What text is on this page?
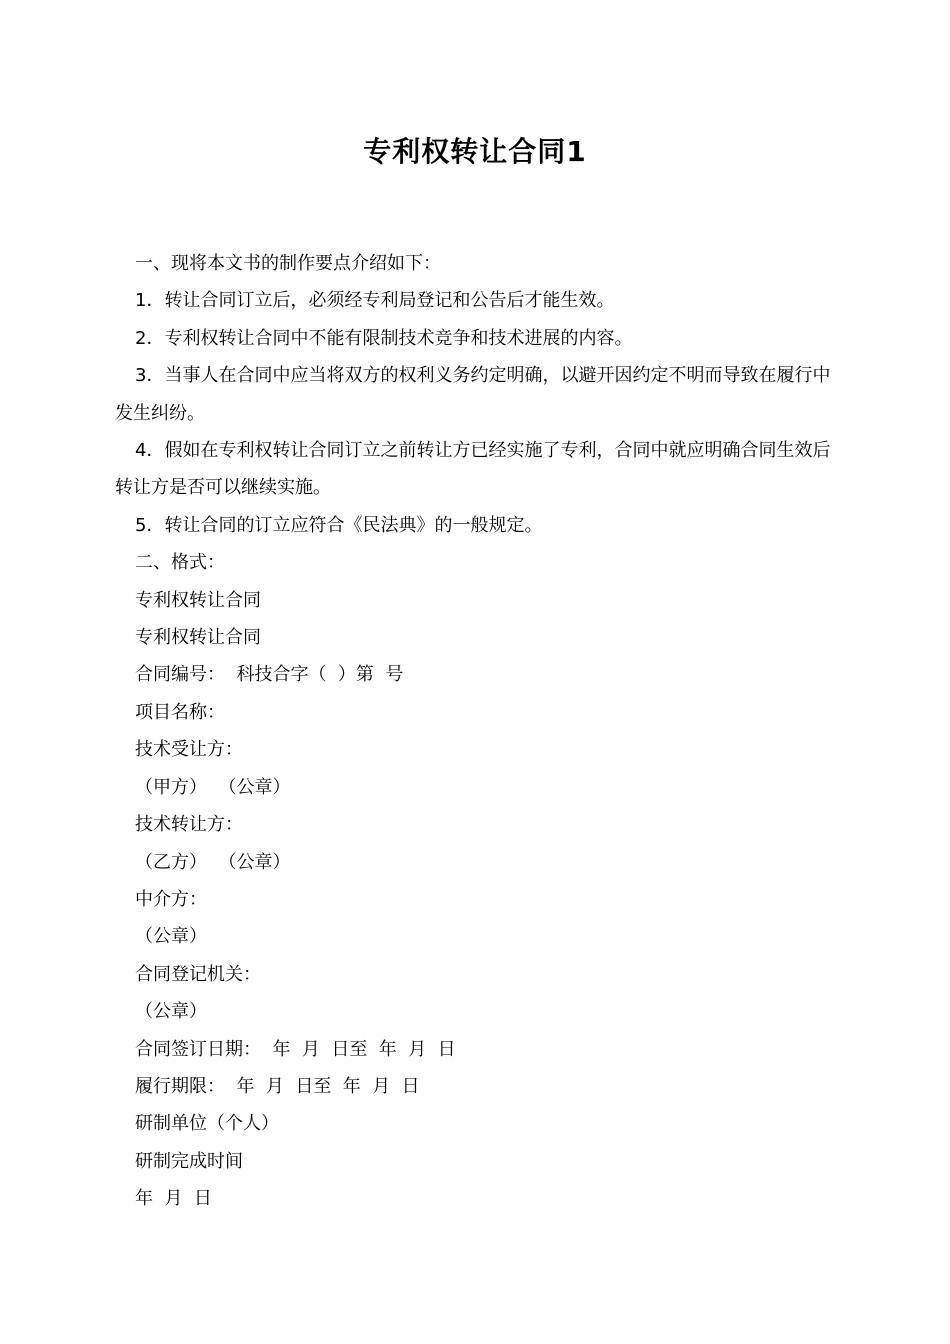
专利权转让合同1

一、现将本文书的制作要点介绍如下：

1．转让合同订立后，必须经专利局登记和公告后才能生效。

2．专利权转让合同中不能有限制技术竞争和技术进展的内容。

3．当事人在合同中应当将双方的权利义务约定明确，以避开因约定不明而导致在履行中发生纠纷。

4．假如在专利权转让合同订立之前转让方已经实施了专利，合同中就应明确合同生效后转让方是否可以继续实施。

5．转让合同的订立应符合《民法典》的一般规定。

二、格式：

专利权转让合同

专利权转让合同

合同编号：  科技合字（  ）第  号

项目名称：

技术受让方：

（甲方）  （公章）

技术转让方：

（乙方）  （公章）

中介方：

（公章）

合同登记机关：

（公章）

合同签订日期：  年  月  日至  年  月  日

履行期限：  年  月  日至  年  月  日

研制单位（个人）

研制完成时间

年  月  日
